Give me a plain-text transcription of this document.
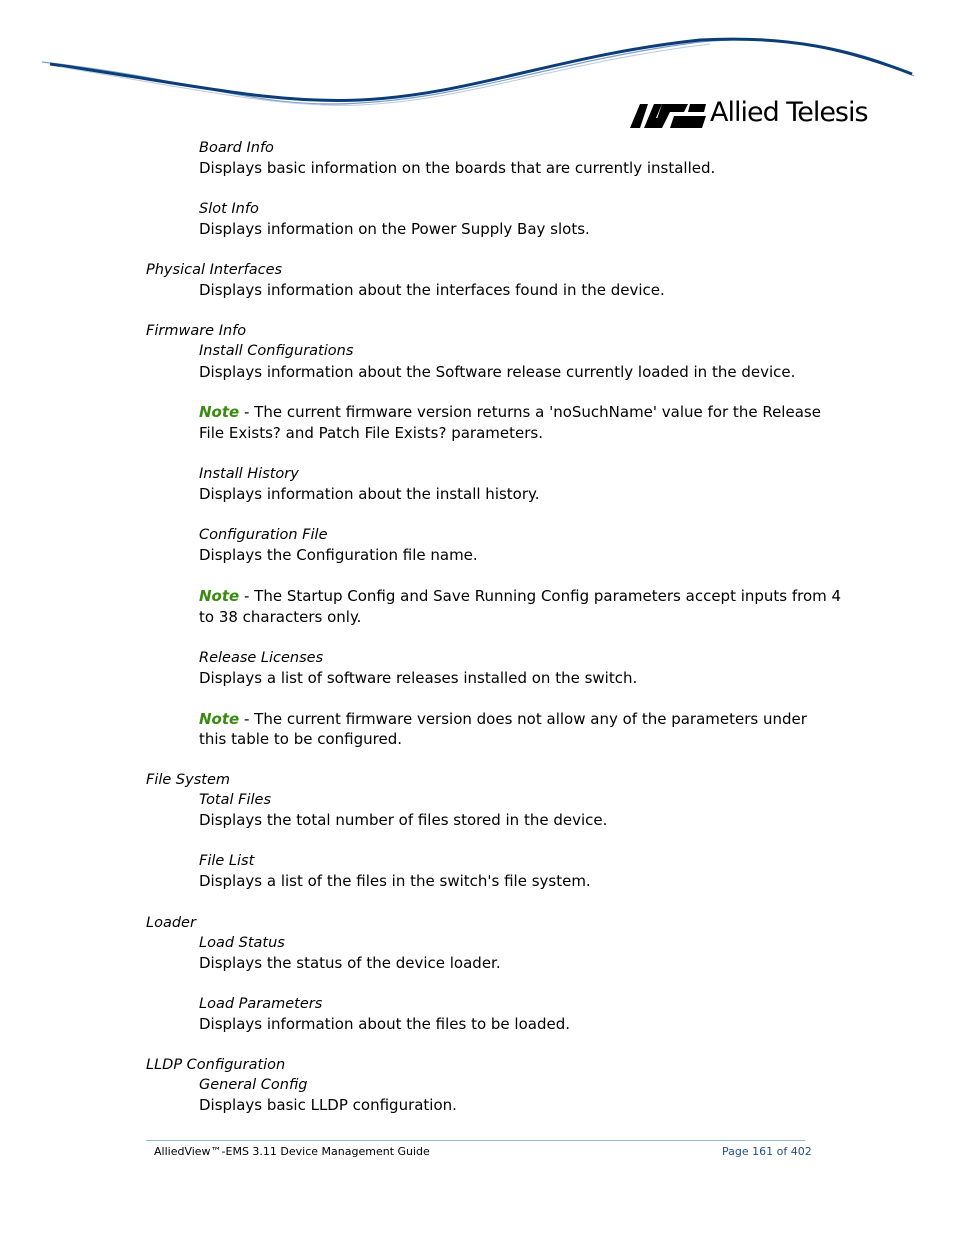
Allied Telesis
Board Info
Displays basic information on the boards that are currently installed.
Slot Info
Displays information on the Power Supply Bay slots.
Physical Interfaces
Displays information about the interfaces found in the device.
Firmware Info
Install Configurations
Displays information about the Software release currently loaded in the device.
Note - The current firmware version returns a 'noSuchName' value for the Release
File Exists? and Patch File Exists? parameters.
Install History
Displays information about the install history.
Configuration File
Displays the Configuration file name.
Note - The Startup Config and Save Running Config parameters accept inputs from 4
to 38 characters only.
Release Licenses
Displays a list of software releases installed on the switch.
Note - The current firmware version does not allow any of the parameters under
this table to be configured.
File System
Total Files
Displays the total number of files stored in the device.
File List
Displays a list of the files in the switch's file system.
Loader
Load Status
Displays the status of the device loader.
Load Parameters
Displays information about the files to be loaded.
LLDP Configuration
General Config
Displays basic LLDP configuration.
AlliedView™-EMS 3.11 Device Management Guide	Page 161 of 402
